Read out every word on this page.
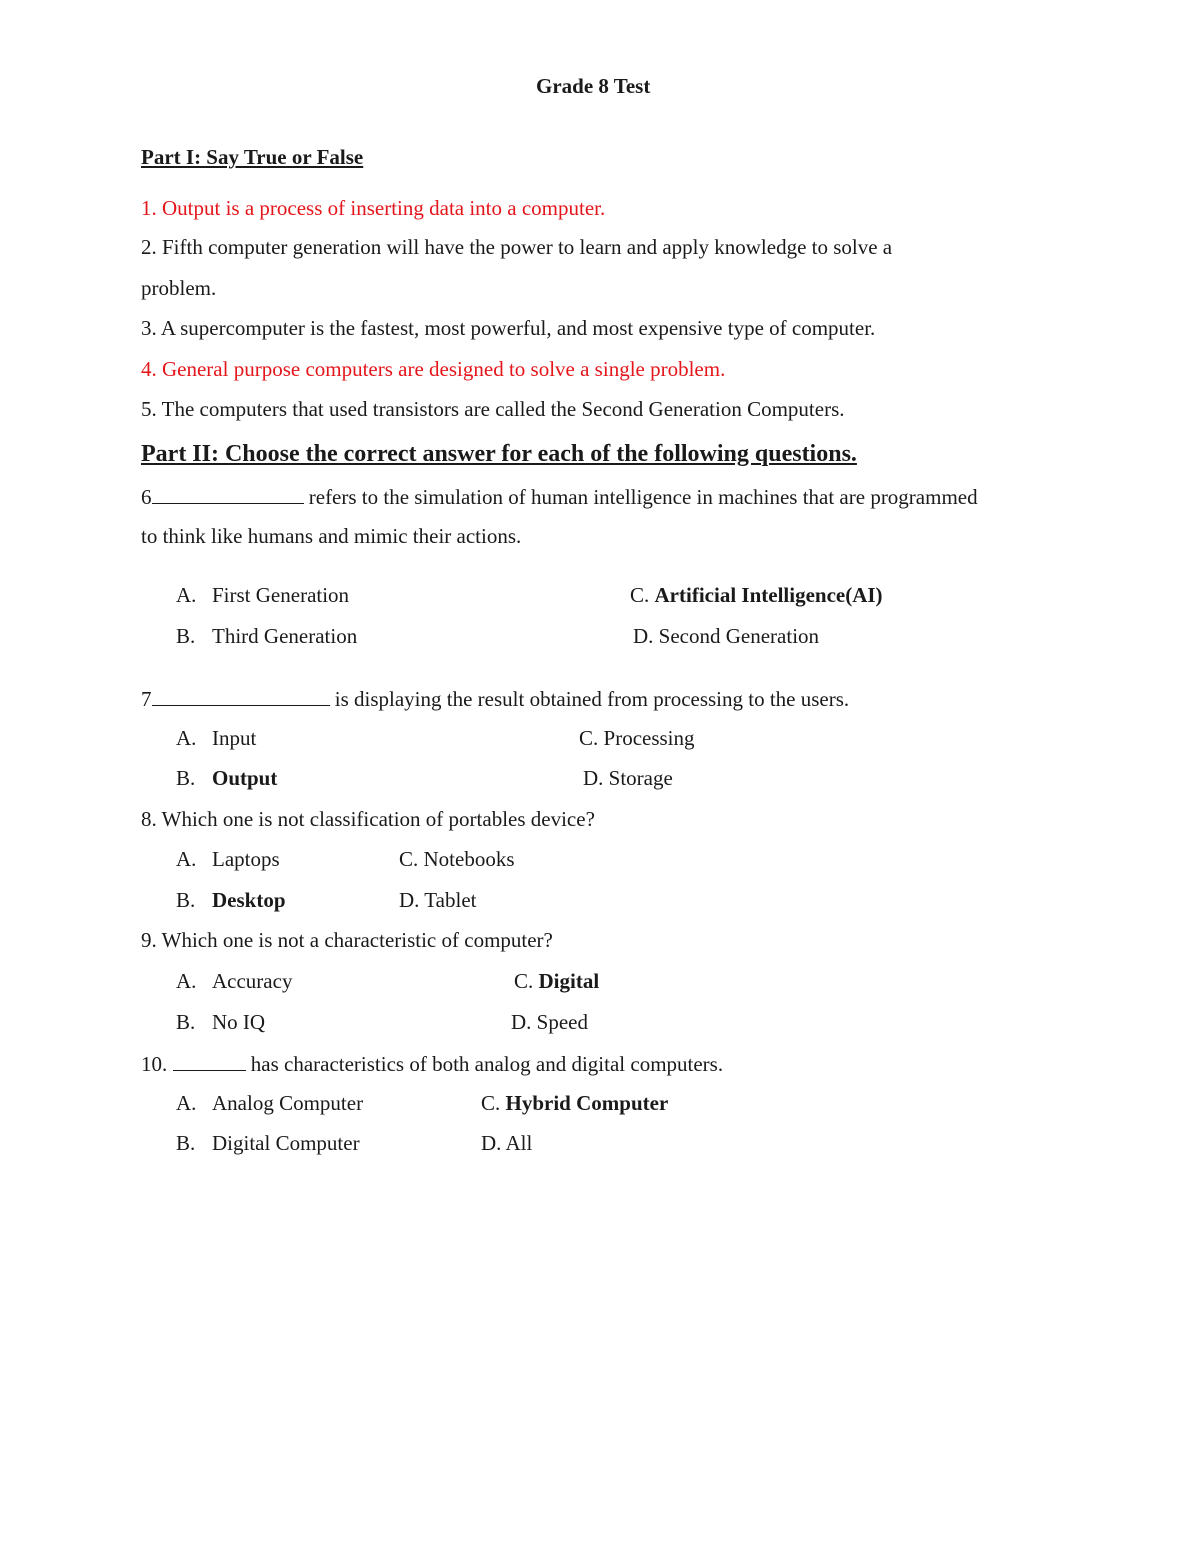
Grade 8 Test
Part I: Say True or False
1. Output is a process of inserting data into a computer.
2. Fifth computer generation will have the power to learn and apply knowledge to solve a
problem.
3. A supercomputer is the fastest, most powerful, and most expensive type of computer.
4. General purpose computers are designed to solve a single problem.
5. The computers that used transistors are called the Second Generation Computers.
Part II: Choose the correct answer for each of the following questions.
6	refers to the simulation of human intelligence in machines that are programmed
to think like humans and mimic their actions.
A. First Generation
B. Third Generation
C. Artificial Intelligence(AI)
D. Second Generation
7	is displaying the result obtained from processing to the users.
A. Input
B. Output
C. Processing
D. Storage
8. Which one is not classification of portables device?
A. Laptops
B. Desktop
C. Notebooks
D. Tablet
9. Which one is not a characteristic of computer?
A. Accuracy
B. No IQ
C. Digital
D. Speed
10.	has characteristics of both analog and digital computers.
A. Analog Computer
B. Digital Computer
C. Hybrid Computer
D. All
